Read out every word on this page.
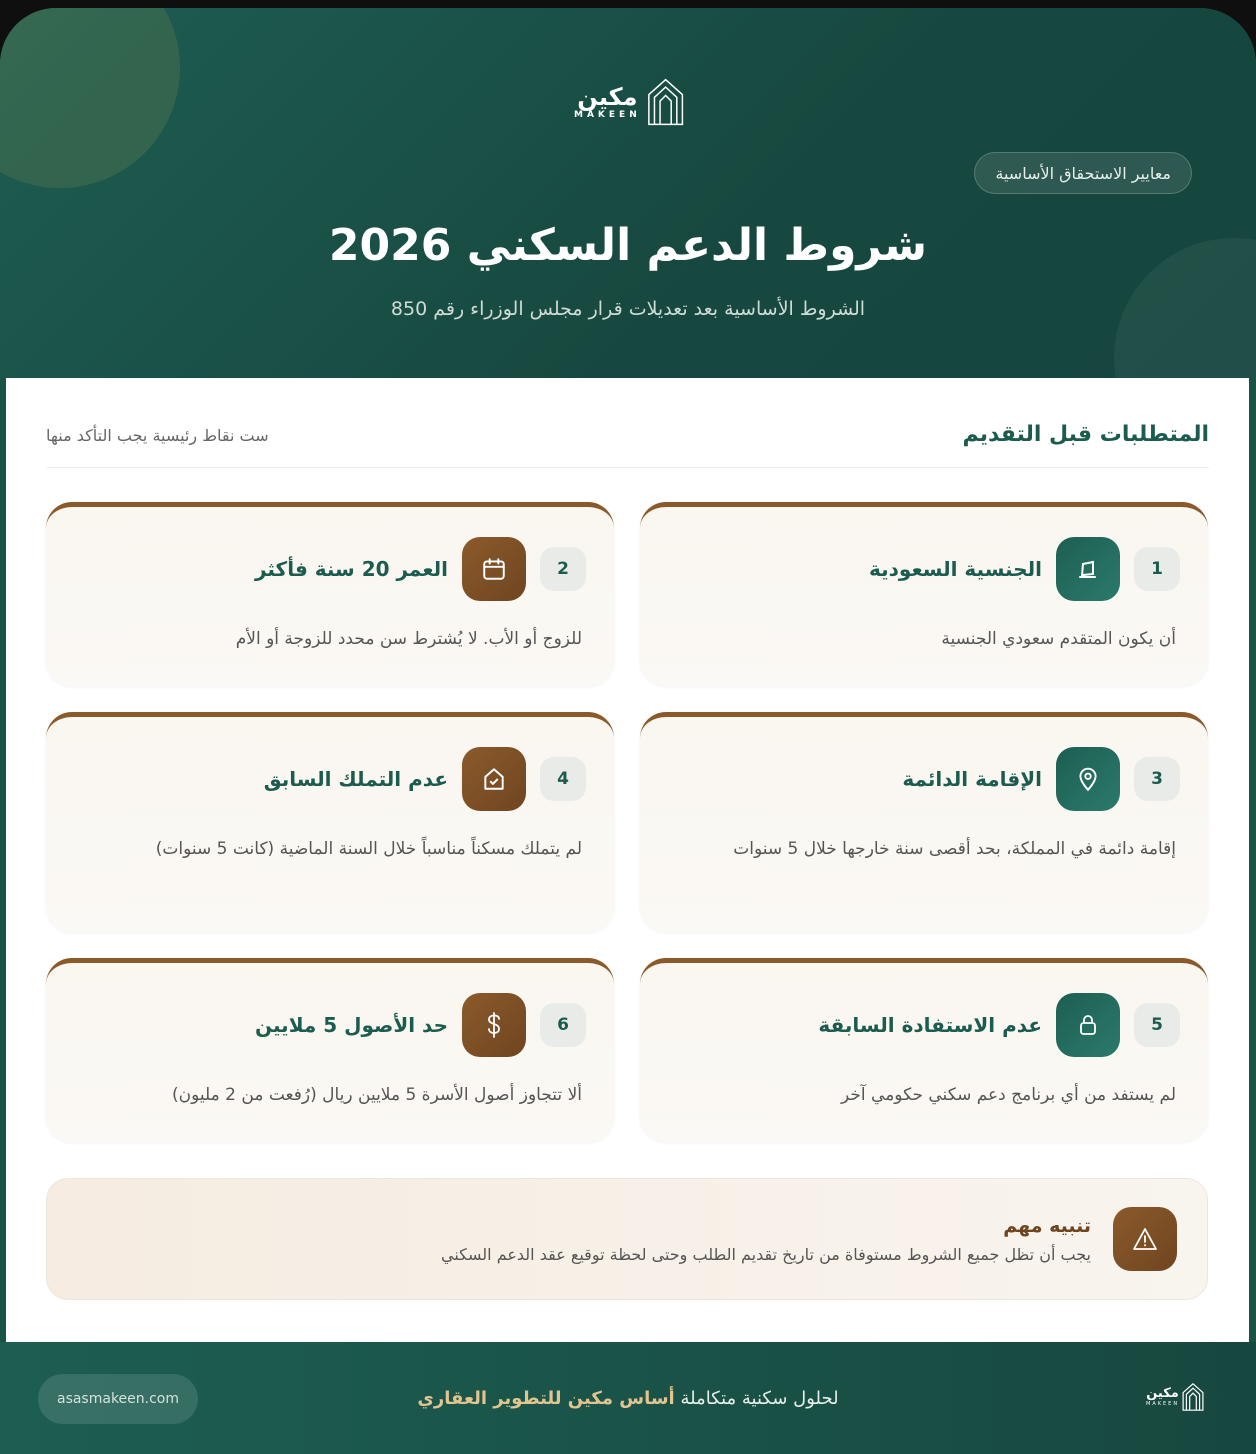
مكين
MAKEEN
معايير الاستحقاق الأساسية
شروط الدعم السكني 2026

الشروط الأساسية بعد تعديلات قرار مجلس الوزراء رقم 850

المتطلبات قبل التقديم
ست نقاط رئيسية يجب التأكد منها
1
الجنسية السعودية

أن يكون المتقدم سعودي الجنسية

2
العمر 20 سنة فأكثر

للزوج أو الأب. لا يُشترط سن محدد للزوجة أو الأم

3
الإقامة الدائمة

إقامة دائمة في المملكة، بحد أقصى سنة خارجها خلال 5 سنوات

4
عدم التملك السابق

لم يتملك مسكناً مناسباً خلال السنة الماضية (كانت 5 سنوات)

5
عدم الاستفادة السابقة

لم يستفد من أي برنامج دعم سكني حكومي آخر

6
حد الأصول 5 ملايين

ألا تتجاوز أصول الأسرة 5 ملايين ريال (رُفعت من 2 مليون)

تنبيه مهم
يجب أن تظل جميع الشروط مستوفاة من تاريخ تقديم الطلب وحتى لحظة توقيع عقد الدعم السكني
asasmakeen.com	لحلول سكنية متكاملة أساس مكين للتطوير العقاري	مكين
MAKEEN
